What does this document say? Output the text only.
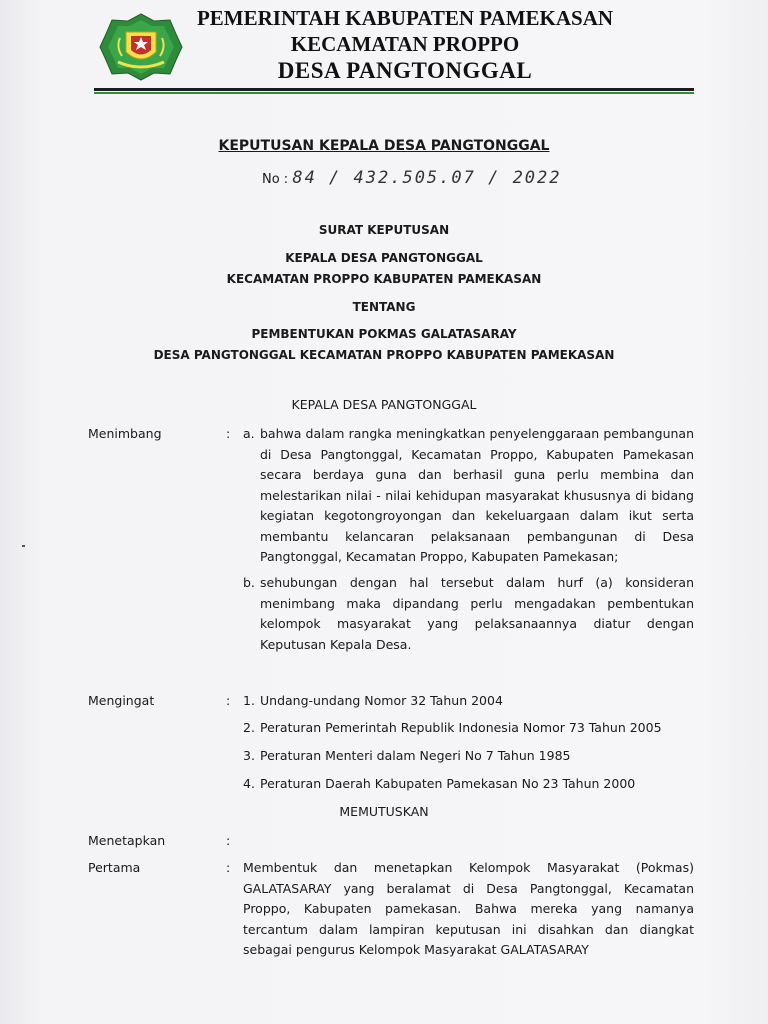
PEMERINTAH KABUPATEN PAMEKASAN
KECAMATAN PROPPO
DESA PANGTONGGAL
KEPUTUSAN KEPALA DESA PANGTONGGAL
No : 84 / 432.505.07 / 2022
SURAT KEPUTUSAN
KEPALA DESA PANGTONGGAL
KECAMATAN PROPPO KABUPATEN PAMEKASAN
TENTANG
PEMBENTUKAN POKMAS GALATASARAY
DESA PANGTONGGAL KECAMATAN PROPPO KABUPATEN PAMEKASAN
KEPALA DESA PANGTONGGAL
Menimbang	: a. bahwa dalam rangka meningkatkan penyelenggaraan pembangunan di Desa Pangtonggal, Kecamatan Proppo, Kabupaten Pamekasan secara berdaya guna dan berhasil guna perlu membina dan melestarikan nilai - nilai kehidupan masyarakat khususnya di bidang kegiatan kegotongroyongan dan kekeluargaan dalam ikut serta membantu kelancaran pelaksanaan pembangunan di Desa Pangtonggal, Kecamatan Proppo, Kabupaten Pamekasan;
b. sehubungan dengan hal tersebut dalam hurf (a) konsideran menimbang maka dipandang perlu mengadakan pembentukan kelompok masyarakat yang pelaksanaannya diatur dengan Keputusan Kepala Desa.
Mengingat	: 1. Undang-undang Nomor 32 Tahun 2004
2. Peraturan Pemerintah Republik Indonesia Nomor 73 Tahun 2005
3. Peraturan Menteri dalam Negeri No 7 Tahun 1985
4. Peraturan Daerah Kabupaten Pamekasan No 23 Tahun 2000
MEMUTUSKAN
Menetapkan	:
Pertama	: Membentuk dan menetapkan Kelompok Masyarakat (Pokmas) GALATASARAY yang beralamat di Desa Pangtonggal, Kecamatan Proppo, Kabupaten pamekasan. Bahwa mereka yang namanya tercantum dalam lampiran keputusan ini disahkan dan diangkat sebagai pengurus Kelompok Masyarakat GALATASARAY
